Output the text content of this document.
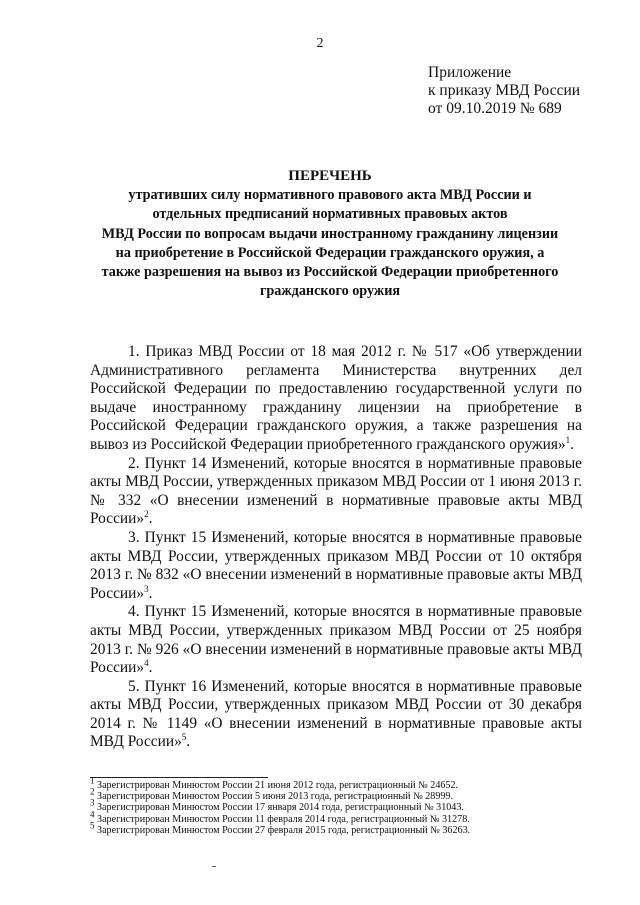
2
Приложение
к приказу МВД России
от 09.10.2019 № 689
ПЕРЕЧЕНЬ
утративших силу нормативного правового акта МВД России и
отдельных предписаний нормативных правовых актов
МВД России по вопросам выдачи иностранному гражданину лицензии
на приобретение в Российской Федерации гражданского оружия, а
также разрешения на вывоз из Российской Федерации приобретенного
гражданского оружия

1. Приказ МВД России от 18 мая 2012 г. № 517 «Об утверждении Административного регламента Министерства внутренних дел Российской Федерации по предоставлению государственной услуги по выдаче иностранному гражданину лицензии на приобретение в Российской Федерации гражданского оружия, а также разрешения на вывоз из Российской Федерации приобретенного гражданского оружия»$^1$.

2. Пункт 14 Изменений, которые вносятся в нормативные правовые акты МВД России, утвержденных приказом МВД России от 1 июня 2013 г. № 332 «О внесении изменений в нормативные правовые акты МВД России»$^2$.

3. Пункт 15 Изменений, которые вносятся в нормативные правовые акты МВД России, утвержденных приказом МВД России от 10 октября 2013 г. № 832 «О внесении изменений в нормативные правовые акты МВД России»$^3$.

4. Пункт 15 Изменений, которые вносятся в нормативные правовые акты МВД России, утвержденных приказом МВД России от 25 ноября 2013 г. № 926 «О внесении изменений в нормативные правовые акты МВД России»$^4$.

5. Пункт 16 Изменений, которые вносятся в нормативные правовые акты МВД России, утвержденных приказом МВД России от 30 декабря 2014 г. № 1149 «О внесении изменений в нормативные правовые акты МВД России»$^5$.

$^1$ Зарегистрирован Минюстом России 21 июня 2012 года, регистрационный № 24652.
$^2$ Зарегистрирован Минюстом России 5 июня 2013 года, регистрационный № 28999.
$^3$ Зарегистрирован Минюстом России 17 января 2014 года, регистрационный № 31043.
$^4$ Зарегистрирован Минюстом России 11 февраля 2014 года, регистрационный № 31278.
$^5$ Зарегистрирован Минюстом России 27 февраля 2015 года, регистрационный № 36263.
